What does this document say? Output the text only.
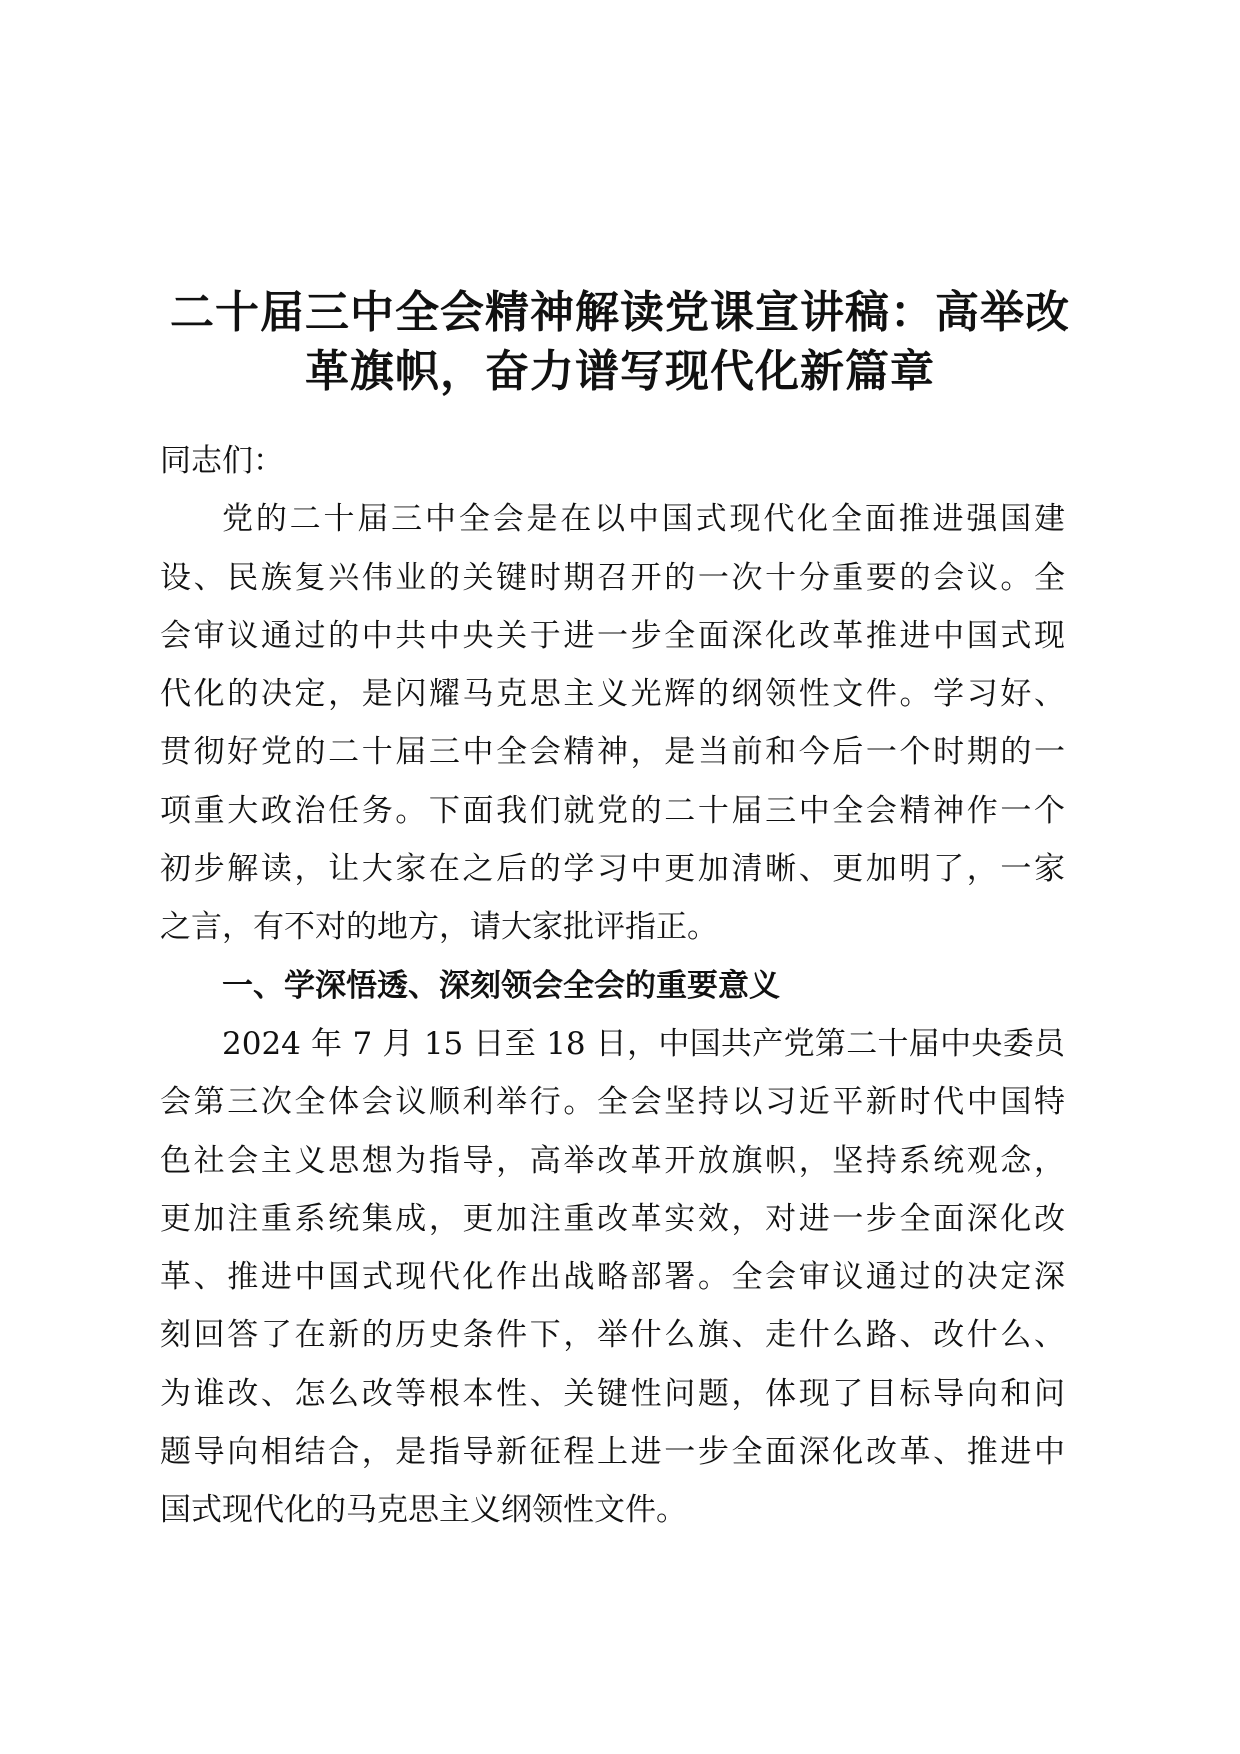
二十届三中全会精神解读党课宣讲稿：高举改
革旗帜，奋力谱写现代化新篇章
同志们：
党的二十届三中全会是在以中国式现代化全面推进强国建
设、民族复兴伟业的关键时期召开的一次十分重要的会议。全
会审议通过的中共中央关于进一步全面深化改革推进中国式现
代化的决定，是闪耀马克思主义光辉的纲领性文件。学习好、
贯彻好党的二十届三中全会精神，是当前和今后一个时期的一
项重大政治任务。下面我们就党的二十届三中全会精神作一个
初步解读，让大家在之后的学习中更加清晰、更加明了，一家
之言，有不对的地方，请大家批评指正。
一、学深悟透、深刻领会全会的重要意义
2024 年 7 月 15 日至 18 日，中国共产党第二十届中央委员
会第三次全体会议顺利举行。全会坚持以习近平新时代中国特
色社会主义思想为指导，高举改革开放旗帜，坚持系统观念，
更加注重系统集成，更加注重改革实效，对进一步全面深化改
革、推进中国式现代化作出战略部署。全会审议通过的决定深
刻回答了在新的历史条件下，举什么旗、走什么路、改什么、
为谁改、怎么改等根本性、关键性问题，体现了目标导向和问
题导向相结合，是指导新征程上进一步全面深化改革、推进中
国式现代化的马克思主义纲领性文件。
